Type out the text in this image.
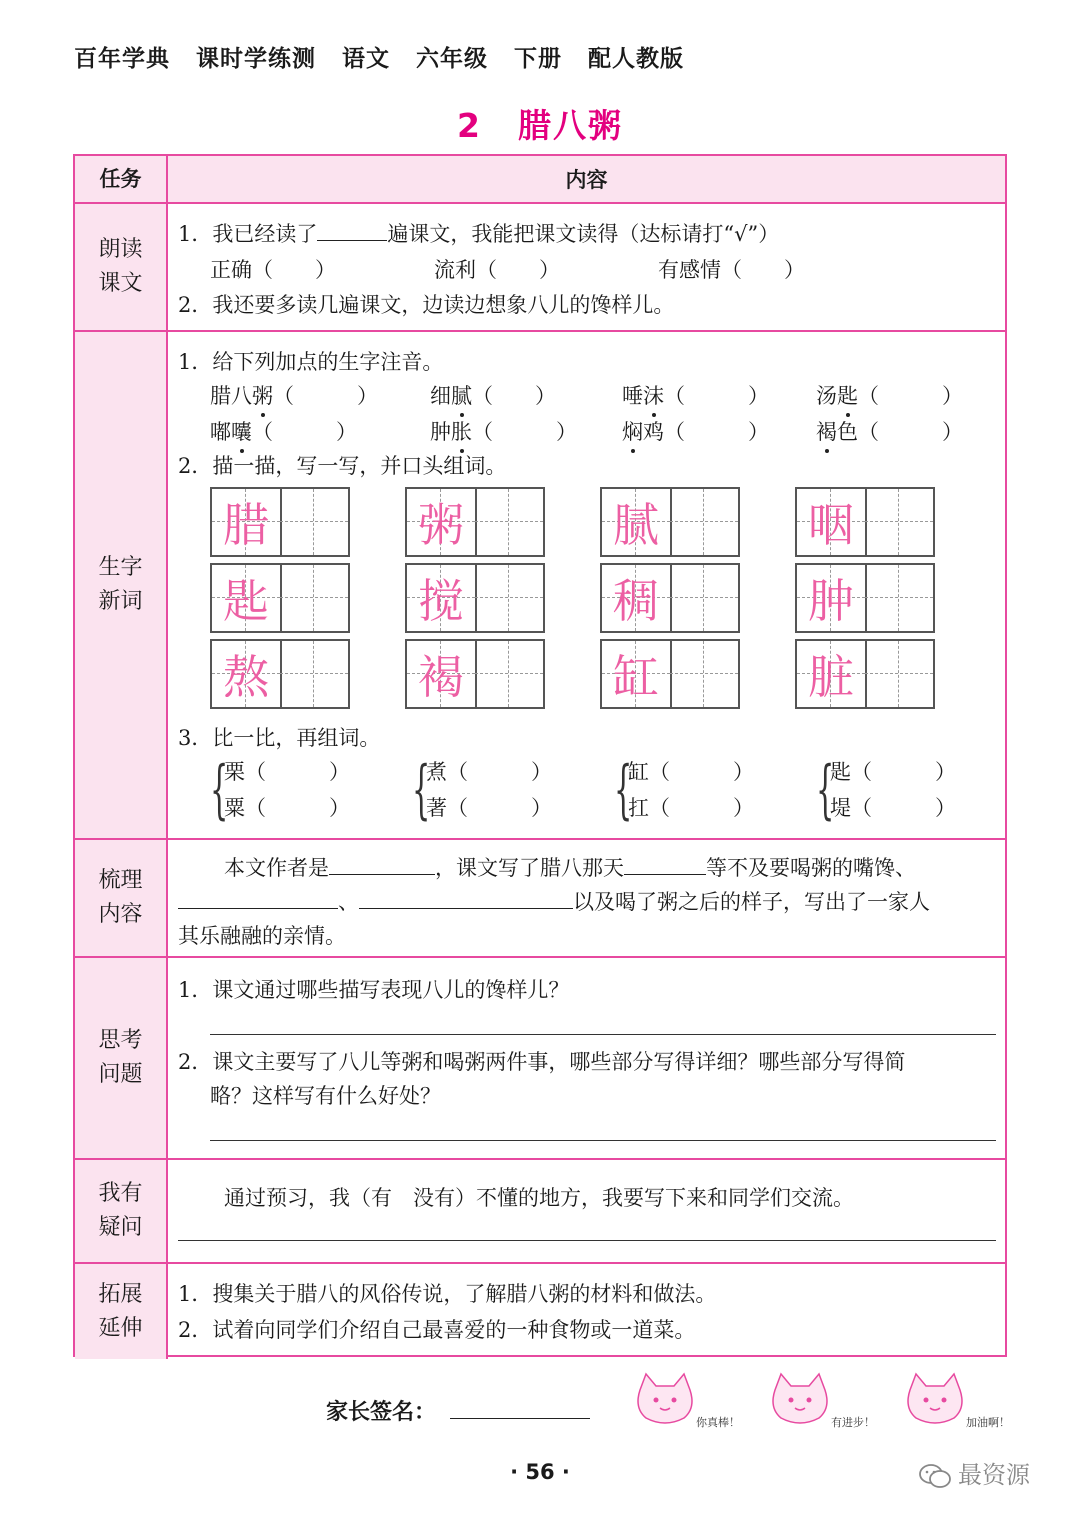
百年学典 课时学练测 语文 六年级 下册 配人教版
2 腊八粥
任务	内容
朗读课文
1．我已经读了	遍课文，我能把课文读得（达标请打“√”）
正确（　　）	流利（　　）	有感情（　　）
2．我还要多读几遍课文，边读边想象八儿的馋样儿。
生字新词
1．给下列加点的生字注音。
腊八粥（　　　） 细腻（　　）	唾沫（　　　） 汤匙（　　　）
嘟囔（　　　）	肿胀（　　　） 焖鸡（　　　） 褐色（　　　）
2．描一描，写一写，并口头组词。
腊	粥	腻	咽
匙	搅	稠	肿
熬	褐	缸	脏
3．比一比，再组词。
{
栗（　　　）
粟（　　　） {
煮（　　　）
著（　　　） {
缸（　　　）
扛（　　　） {
匙（　　　）
堤（　　　）
梳理内容
本文作者是	，课文写了腊八那天	等不及要喝粥的嘴馋、
、	以及喝了粥之后的样子，写出了一家人
其乐融融的亲情。
思考问题
1．课文通过哪些描写表现八儿的馋样儿？
2．课文主要写了八儿等粥和喝粥两件事，哪些部分写得详细？哪些部分写得简
略？这样写有什么好处？
我有疑问
通过预习，我（有　没有）不懂的地方，我要写下来和同学们交流。
拓展延伸
1．搜集关于腊八的风俗传说，了解腊八粥的材料和做法。
2．试着向同学们介绍自己最喜爱的一种食物或一道菜。
家长签名：	你真棒！	有进步！	加油啊！
· 56 ·	最资源
